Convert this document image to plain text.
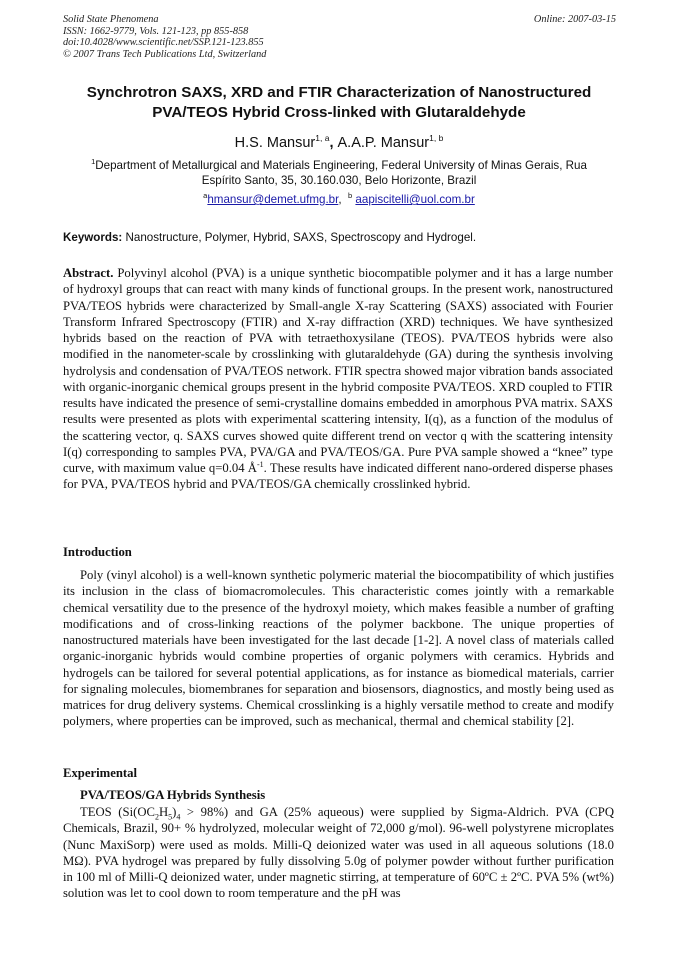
Solid State Phenomena
ISSN: 1662-9779, Vols. 121-123, pp 855-858
doi:10.4028/www.scientific.net/SSP.121-123.855
© 2007 Trans Tech Publications Ltd, Switzerland
Online: 2007-03-15
Synchrotron SAXS, XRD and FTIR Characterization of Nanostructured
PVA/TEOS Hybrid Cross-linked with Glutaraldehyde
H.S. Mansur$^{1, a}$, A.A.P. Mansur$^{1, b}$
$^1$Department of Metallurgical and Materials Engineering, Federal University of Minas Gerais, Rua
Espírito Santo, 35, 30.160.030, Belo Horizonte, Brazil
$^a$hmansur@demet.ufmg.br, $^b$ aapiscitelli@uol.com.br
Keywords: Nanostructure, Polymer, Hybrid, SAXS, Spectroscopy and Hydrogel.
Abstract. Polyvinyl alcohol (PVA) is a unique synthetic biocompatible polymer and it has a large number of hydroxyl groups that can react with many kinds of functional groups. In the present work, nanostructured PVA/TEOS hybrids were characterized by Small-angle X-ray Scattering (SAXS) associated with Fourier Transform Infrared Spectroscopy (FTIR) and X-ray diffraction (XRD) techniques. We have synthesized hybrids based on the reaction of PVA with tetraethoxysilane (TEOS). PVA/TEOS hybrids were also modified in the nanometer-scale by crosslinking with glutaraldehyde (GA) during the synthesis involving hydrolysis and condensation of PVA/TEOS network. FTIR spectra showed major vibration bands associated with organic-inorganic chemical groups present in the hybrid composite PVA/TEOS. XRD coupled to FTIR results have indicated the presence of semi-crystalline domains embedded in amorphous PVA matrix. SAXS results were presented as plots with experimental scattering intensity, I(q), as a function of the modulus of the scattering vector, q. SAXS curves showed quite different trend on vector q with the scattering intensity I(q) corresponding to samples PVA, PVA/GA and PVA/TEOS/GA. Pure PVA sample showed a “knee” type curve, with maximum value q=0.04 $Å^{-1}$. These results have indicated different nano-ordered disperse phases for PVA, PVA/TEOS hybrid and PVA/TEOS/GA chemically crosslinked hybrid.
Introduction
Poly (vinyl alcohol) is a well-known synthetic polymeric material the biocompatibility of which justifies its inclusion in the class of biomacromolecules. This characteristic comes jointly with a remarkable chemical versatility due to the presence of the hydroxyl moiety, which makes feasible a number of grafting modifications and of cross-linking reactions of the polymer backbone. The unique properties of nanostructured materials have been investigated for the last decade [1-2]. A novel class of materials called organic-inorganic hybrids would combine properties of organic polymers with ceramics. Hybrids and hydrogels can be tailored for several potential applications, as for instance as biomedical materials, carrier for signaling molecules, biomembranes for separation and biosensors, diagnostics, and mostly being used as matrices for drug delivery systems. Chemical crosslinking is a highly versatile method to create and modify polymers, where properties can be improved, such as mechanical, thermal and chemical stability [2].
Experimental
PVA/TEOS/GA Hybrids Synthesis
TEOS $(Si(OC_2H_5)_4 > 98\%)$ and GA (25% aqueous) were supplied by Sigma-Aldrich. PVA (CPQ Chemicals, Brazil, 90+ % hydrolyzed, molecular weight of 72,000 g/mol). 96-well polystyrene microplates (Nunc MaxiSorp) were used as molds. Milli-Q deionized water was used in all aqueous solutions (18.0 MΩ). PVA hydrogel was prepared by fully dissolving 5.0g of polymer powder without further purification in 100 ml of Milli-Q deionized water, under magnetic stirring, at temperature of 60ºC ± 2ºC. PVA 5% (wt%) solution was let to cool down to room temperature and the pH was
